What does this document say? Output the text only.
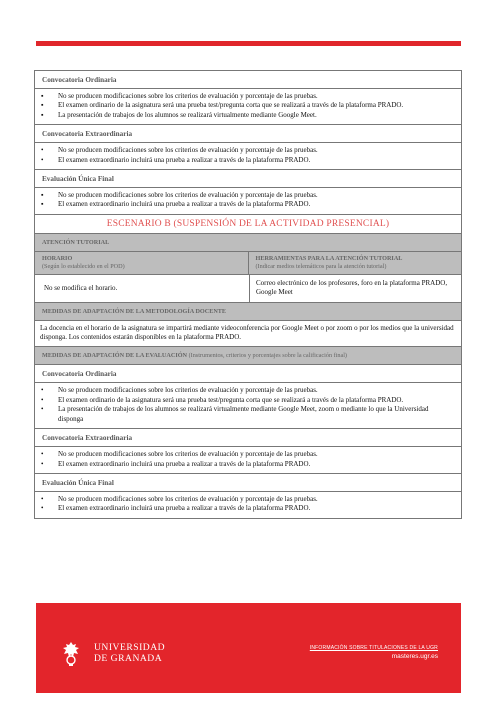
Convocatoria Ordinaria
▪ No se producen modificaciones sobre los criterios de evaluación y porcentaje de las pruebas.
▪ El examen ordinario de la asignatura será una prueba test/pregunta corta que se realizará a través de la plataforma PRADO.
▪ La presentación de trabajos de los alumnos se realizará virtualmente mediante Google Meet.
Convocatoria Extraordinaria
• No se producen modificaciones sobre los criterios de evaluación y porcentaje de las pruebas.
• El examen extraordinario incluirá una prueba a realizar a través de la plataforma PRADO.
Evaluación Única Final
▪ No se producen modificaciones sobre los criterios de evaluación y porcentaje de las pruebas.
▪ El examen extraordinario incluirá una prueba a realizar a través de la plataforma PRADO.
ESCENARIO B (SUSPENSIÓN DE LA ACTIVIDAD PRESENCIAL)
ATENCIÓN TUTORIAL
HORARIO
(Según lo establecido en el POD)
HERRAMIENTAS PARA LA ATENCIÓN TUTORIAL
(Indicar medios telemáticos para la atención tutorial)
No se modifica el horario.
Correo electrónico de los profesores, foro en la plataforma PRADO, Google Meet
MEDIDAS DE ADAPTACIÓN DE LA METODOLOGÍA DOCENTE
La docencia en el horario de la asignatura se impartirá mediante videoconferencia por Google Meet o por zoom o por los medios que la universidad disponga. Los contenidos estarán disponibles en la plataforma PRADO.
MEDIDAS DE ADAPTACIÓN DE LA EVALUACIÓN (Instrumentos, criterios y porcentajes sobre la calificación final)
Convocatoria Ordinaria
• No se producen modificaciones sobre los criterios de evaluación y porcentaje de las pruebas.
• El examen ordinario de la asignatura será una prueba test/pregunta corta que se realizará a través de la plataforma PRADO.
• La presentación de trabajos de los alumnos se realizará virtualmente mediante Google Meet, zoom o mediante lo que la Universidad disponga
Convocatoria Extraordinaria
• No se producen modificaciones sobre los criterios de evaluación y porcentaje de las pruebas.
• El examen extraordinario incluirá una prueba a realizar a través de la plataforma PRADO.
Evaluación Única Final
• No se producen modificaciones sobre los criterios de evaluación y porcentaje de las pruebas.
• El examen extraordinario incluirá una prueba a realizar a través de la plataforma PRADO.
UNIVERSIDAD
DE GRANADA
INFORMACIÓN SOBRE TITULACIONES DE LA UGR
masteres.ugr.es
